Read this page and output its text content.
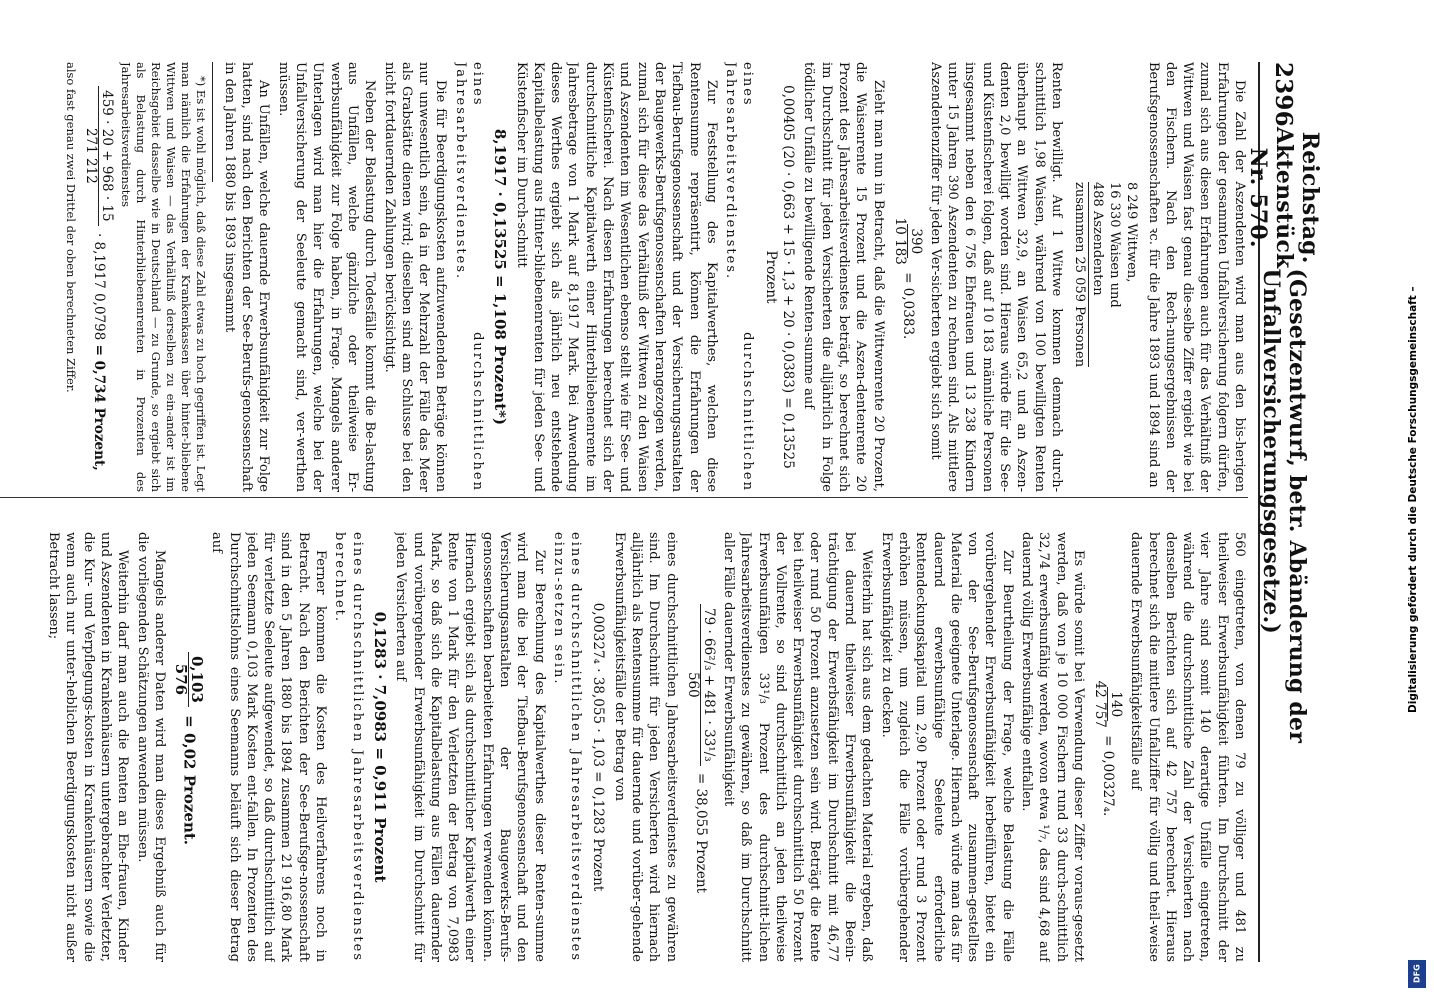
2396
Reichstag. Aktenstück Nr. 570.
(Gesetzentwurf, betr. Abänderung der Unfallversicherungsgesetze.)

Die Zahl der Aszendenten wird man aus den bis-herigen Erfahrungen der gesammten Unfallversicherung folgern dürfen, zumal sich aus diesen Erfahrungen auch für das Verhältniß der Wittwen und Waisen fast genau die-selbe Ziffer ergiebt wie bei den Fischern. Nach den Rech-nungsergebnissen der Berufsgenossenschaften ꝛc. für die Jahre 1893 und 1894 sind an

8 249 Wittwen,
16 330 Waisen und
488 Aszendenten
zusammen 25 059 Personen

Renten bewilligt. Auf 1 Wittwe kommen demnach durch-schnittlich 1,98 Waisen, während von 100 bewilligten Renten überhaupt an Wittwen 32,9, an Waisen 65,2 und an Aszen-denten 2,0 bewilligt worden sind. Hieraus würde für die See- und Küstenfischerei folgen, daß auf 10 183 männliche Personen insgesammt neben den 6 756 Ehefrauen und 13 238 Kindern unter 15 Jahren 390 Aszendenten zu rechnen sind. Als mittlere Aszendentenziffer für jeden Ver-sicherten ergiebt sich somit

390
10 183
= 0,0383.

Zieht man nun in Betracht, daß die Wittwenrente 20 Prozent, die Waisenrente 15 Prozent und die Aszen-dentenrente 20 Prozent des Jahresarbeitsverdienstes beträgt, so berechnet sich im Durchschnitt für jeden Versicherten die alljährlich in Folge tödlicher Unfälle zu bewilligende Renten-summe auf

0,00405 (20 · 0,663 + 15 · 1,3 + 20 · 0,0383) = 0,13525 Prozent

eines durchschnittlichen Jahresarbeitsverdienstes.

Zur Feststellung des Kapitalwerthes, welchen diese Rentensumme repräsentirt, können die Erfahrungen der Tiefbau-Berufsgenossenschaft und der Versicherungsanstalten der Baugewerks-Berufsgenossenschaften herangezogen werden, zumal sich für diese das Verhältniß der Wittwen zu den Waisen und Aszendenten im Wesentlichen ebenso stellt wie für See- und Küstenfischerei. Nach diesen Erfahrungen berechnet sich der durchschnittliche Kapitalwerth einer Hinterbliebenenrente im Jahresbetrage von 1 Mark auf 8,1917 Mark. Bei Anwendung dieses Werthes ergiebt sich als jährlich neu entstehende Kapitalbelastung aus Hinter-bliebenenrenten für jeden See- und Küstenfischer im Durch-schnitt

8,1917 · 0,13525 = 1,108 Prozent*)

eines durchschnittlichen Jahresarbeitsverdienstes.

Die für Beerdigungskosten aufzuwendenden Beträge können nur unwesentlich sein, da in der Mehrzahl der Fälle das Meer als Grabstätte dienen wird; dieselben sind am Schlusse bei den nicht fortdauernden Zahlungen berücksichtigt.

Neben der Belastung durch Todesfälle kommt die Be-lastung aus Unfällen, welche gänzliche oder theilweise Er-werbsunfähigkeit zur Folge haben, in Frage. Mangels anderer Unterlagen wird man hier die Erfahrungen, welche bei der Unfallversicherung der Seeleute gemacht sind, ver-werthen müssen.

An Unfällen, welche dauernde Erwerbsunfähigkeit zur Folge hatten, sind nach den Berichten der See-Berufs-genossenschaft in den Jahren 1880 bis 1893 insgesammt

*) Es ist wohl möglich, daß diese Zahl etwas zu hoch gegriffen ist. Legt man nämlich die Erfahrungen der Krankenkassen über hinter-bliebene Wittwen und Waisen — das Verhältniß derselben zu ein-ander ist im Reichsgebiet dasselbe wie in Deutschland — zu Grunde, so ergiebt sich als Belastung durch Hinterbliebenenrenten in Prozenten des Jahresarbeitsverdienstes

459 · 20 + 968 · 15
271 212
· 8,1917 0,0798 = 0,734 Prozent,

also fast genau zwei Drittel der oben berechneten Ziffer.

560 eingetreten, von denen 79 zu völliger und 481 zu theilweiser Erwerbsunfähigkeit führten. Im Durchschnitt der vier Jahre sind somit 140 derartige Unfälle eingetreten, während die durchschnittliche Zahl der Versicherten nach denselben Berichten sich auf 42 757 berechnet. Hieraus berechnet sich die mittlere Unfallziffer für völlig und theil-weise dauernde Erwerbsunfähigkeitsfälle auf

140
42 757
= 0,00327₄.

Es würde somit bei Verwendung dieser Ziffer voraus-gesetzt werden, daß von je 10 000 Fischern rund 33 durch-schnittlich 32,74 erwerbsunfähig werden, wovon etwa ¹/₇, das sind 4,68 auf dauernd völlig Erwerbsunfähige entfallen.

Zur Beurtheilung der Frage, welche Belastung die Fälle vorübergehender Erwerbsunfähigkeit herbeiführen, bietet ein von der See-Berufsgenossenschaft zusammen-gestelltes Material die geeignete Unterlage. Hiernach würde man das für dauernd erwerbsunfähige Seeleute erforderliche Rentendeckungskapital um 2,90 Prozent oder rund 3 Prozent erhöhen müssen, um zugleich die Fälle vorübergehender Erwerbsunfähigkeit zu decken.

Weiterhin hat sich aus dem gedachten Material ergeben, daß bei dauernd theilweiser Erwerbsunfähigkeit die Beein-trächtigung der Erwerbsfähigkeit im Durchschnitt mit 46,77 oder rund 50 Prozent anzusetzen sein wird. Beträgt die Rente bei theilweiser Erwerbsunfähigkeit durchschnittlich 50 Prozent der Vollrente, so sind durchschnittlich an jeden theilweise Erwerbsunfähigen 33¹/₃ Prozent des durchschnitt-lichen Jahresarbeitsverdienstes zu gewähren, so daß im Durchschnitt aller Fälle dauernder Erwerbsunfähigkeit

79 · 66²/₃ + 481 · 33¹/₃
560
= 38,055 Prozent

eines durchschnittlichen Jahresarbeitsverdienstes zu gewähren sind. Im Durchschnitt für jeden Versicherten wird hiernach alljährlich als Rentensumme für dauernde und vorüber-gehende Erwerbsunfähigkeitsfälle der Betrag von

0,00327₄ · 38,055 · 1,03 = 0,1283 Prozent

eines durchschnittlichen Jahresarbeitsverdienstes einzu-setzen sein.

Zur Berechnung des Kapitalwerthes dieser Renten-summe wird man die bei der Tiefbau-Berufsgenossenschaft und den Versicherungsanstalten der Baugewerks-Berufs-genossenschaften bearbeiteten Erfahrungen verwenden können. Hiernach ergiebt sich als durchschnittlicher Kapitalwerth einer Rente von 1 Mark für den Verletzten der Betrag von 7,0983 Mark, so daß sich die Kapitalbelastung aus Fällen dauernder und vorübergehender Erwerbsunfähigkeit im Durchschnitt für jeden Versicherten auf

0,1283 · 7,0983 = 0,911 Prozent

eines durchschnittlichen Jahresarbeitsverdienstes berechnet.

Ferner kommen die Kosten des Heilverfahrens noch in Betracht. Nach den Berichten der See-Berufsge-nossenschaft sind in den 5 Jahren 1880 bis 1894 zusammen 21 916,80 Mark für verletzte Seeleute aufgewendet, so daß durchschnittlich auf jeden Seemann 0,103 Mark Kosten ent-fallen. In Prozenten des Durchschnittslohns eines Seemanns beläuft sich dieser Betrag auf

0,103
576
= 0,02 Prozent.

Mangels anderer Daten wird man dieses Ergebniß auch für die vorliegenden Schätzungen anwenden müssen.

Weiterhin darf man auch die Renten an Ehe-frauen, Kinder und Aszendenten in Krankenhäusern untergebrachter Verletzter, die Kur- und Verpflegungs-kosten in Krankenhäusern sowie die wenn auch nur unter-heblichen Beerdigungskosten nicht außer Betracht lassen;	Digitalisierung gefördert durch die Deutsche Forschungsgemeinschaft –
DFG
